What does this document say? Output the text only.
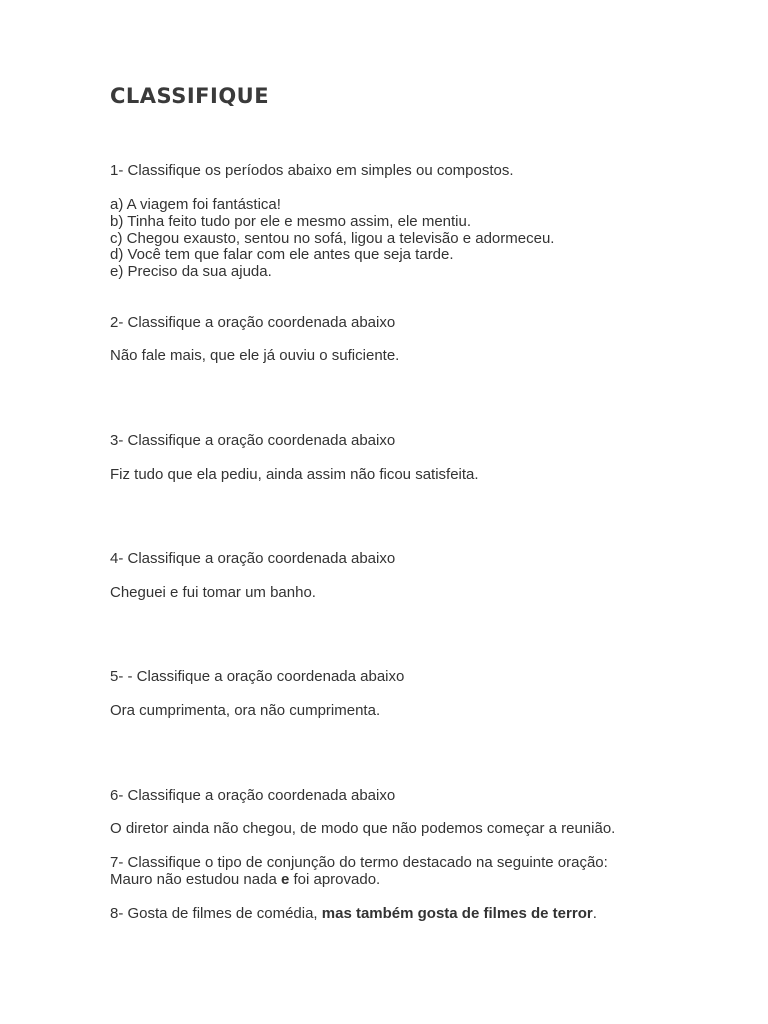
CLASSIFIQUE

1- Classifique os períodos abaixo em simples ou compostos.

a) A viagem foi fantástica!

b) Tinha feito tudo por ele e mesmo assim, ele mentiu.

c) Chegou exausto, sentou no sofá, ligou a televisão e adormeceu.

d) Você tem que falar com ele antes que seja tarde.

e) Preciso da sua ajuda.

2- Classifique a oração coordenada abaixo

Não fale mais, que ele já ouviu o suficiente.

3- Classifique a oração coordenada abaixo

Fiz tudo que ela pediu, ainda assim não ficou satisfeita.

4- Classifique a oração coordenada abaixo

Cheguei e fui tomar um banho.

5- - Classifique a oração coordenada abaixo

Ora cumprimenta, ora não cumprimenta.

6- Classifique a oração coordenada abaixo

O diretor ainda não chegou, de modo que não podemos começar a reunião.

7- Classifique o tipo de conjunção do termo destacado na seguinte oração:

Mauro não estudou nada e foi aprovado.

8- Gosta de filmes de comédia, mas também gosta de filmes de terror.
